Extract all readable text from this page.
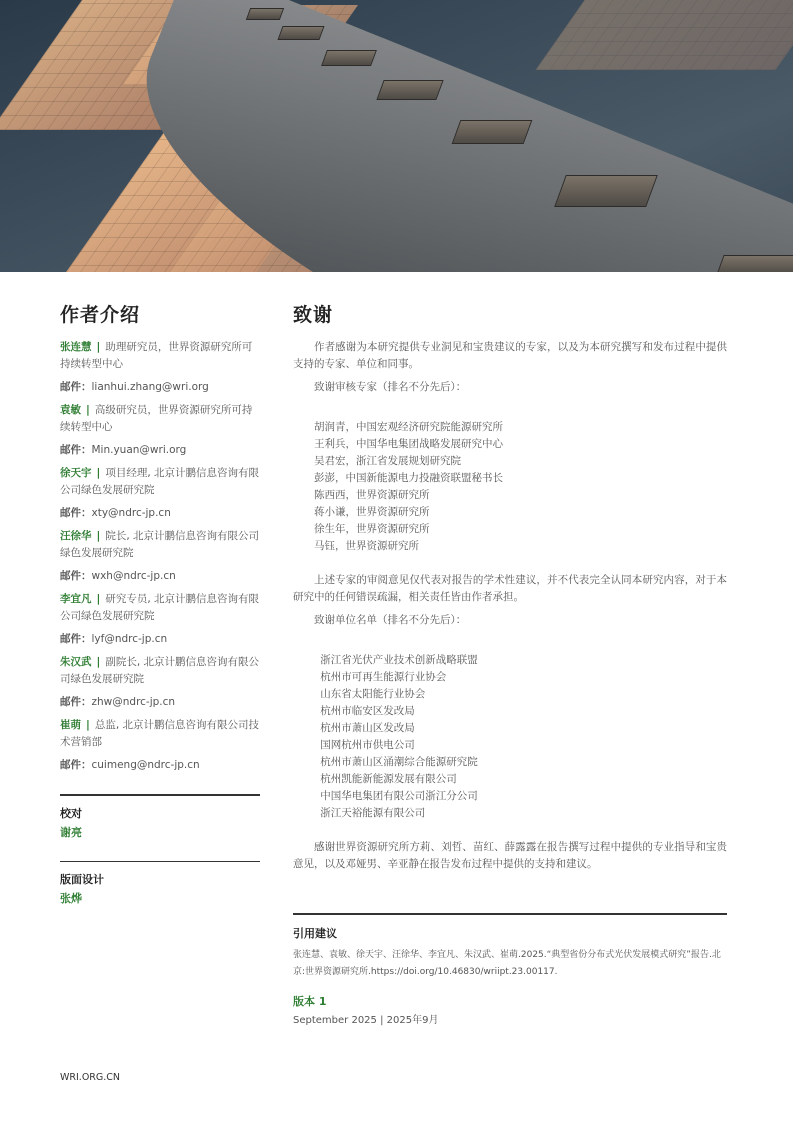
作者介绍
张连慧 | 助理研究员，世界资源研究所可持续转型中心
邮件：lianhui.zhang@wri.org
袁敏 | 高级研究员，世界资源研究所可持续转型中心
邮件：Min.yuan@wri.org
徐天宇 | 项目经理, 北京计鹏信息咨询有限公司绿色发展研究院
邮件：xty@ndrc-jp.cn
汪徐华 | 院长, 北京计鹏信息咨询有限公司绿色发展研究院
邮件：wxh@ndrc-jp.cn
李宜凡 | 研究专员, 北京计鹏信息咨询有限公司绿色发展研究院
邮件：lyf@ndrc-jp.cn
朱汉武 | 副院长, 北京计鹏信息咨询有限公司绿色发展研究院
邮件：zhw@ndrc-jp.cn
崔萌 | 总监, 北京计鹏信息咨询有限公司技术营销部
邮件：cuimeng@ndrc-jp.cn
校对
谢亮
版面设计
张烨
致谢

作者感谢为本研究提供专业洞见和宝贵建议的专家，以及为本研究撰写和发布过程中提供支持的专家、单位和同事。

致谢审核专家（排名不分先后）：

胡润青，中国宏观经济研究院能源研究所
王利兵，中国华电集团战略发展研究中心
吴君宏，浙江省发展规划研究院
彭澎，中国新能源电力投融资联盟秘书长
陈西西，世界资源研究所
蒋小谦，世界资源研究所
徐生年，世界资源研究所
马钰，世界资源研究所

上述专家的审阅意见仅代表对报告的学术性建议，并不代表完全认同本研究内容，对于本研究中的任何错误疏漏，相关责任皆由作者承担。

致谢单位名单（排名不分先后）：

浙江省光伏产业技术创新战略联盟
杭州市可再生能源行业协会
山东省太阳能行业协会
杭州市临安区发改局
杭州市萧山区发改局
国网杭州市供电公司
杭州市萧山区涌潮综合能源研究院
杭州凯能新能源发展有限公司
中国华电集团有限公司浙江分公司
浙江天裕能源有限公司

感谢世界资源研究所方莉、刘哲、苗红、薛露露在报告撰写过程中提供的专业指导和宝贵意见，以及邓娅男、辛亚静在报告发布过程中提供的支持和建议。

引用建议
张连慧、袁敏、徐天宇、汪徐华、李宜凡、朱汉武、崔萌.2025.“典型省份分布式光伏发展模式研究”报告.北京:世界资源研究所.https://doi.org/10.46830/wriipt.23.00117.
版本 1
September 2025 | 2025年9月
WRI.ORG.CN
